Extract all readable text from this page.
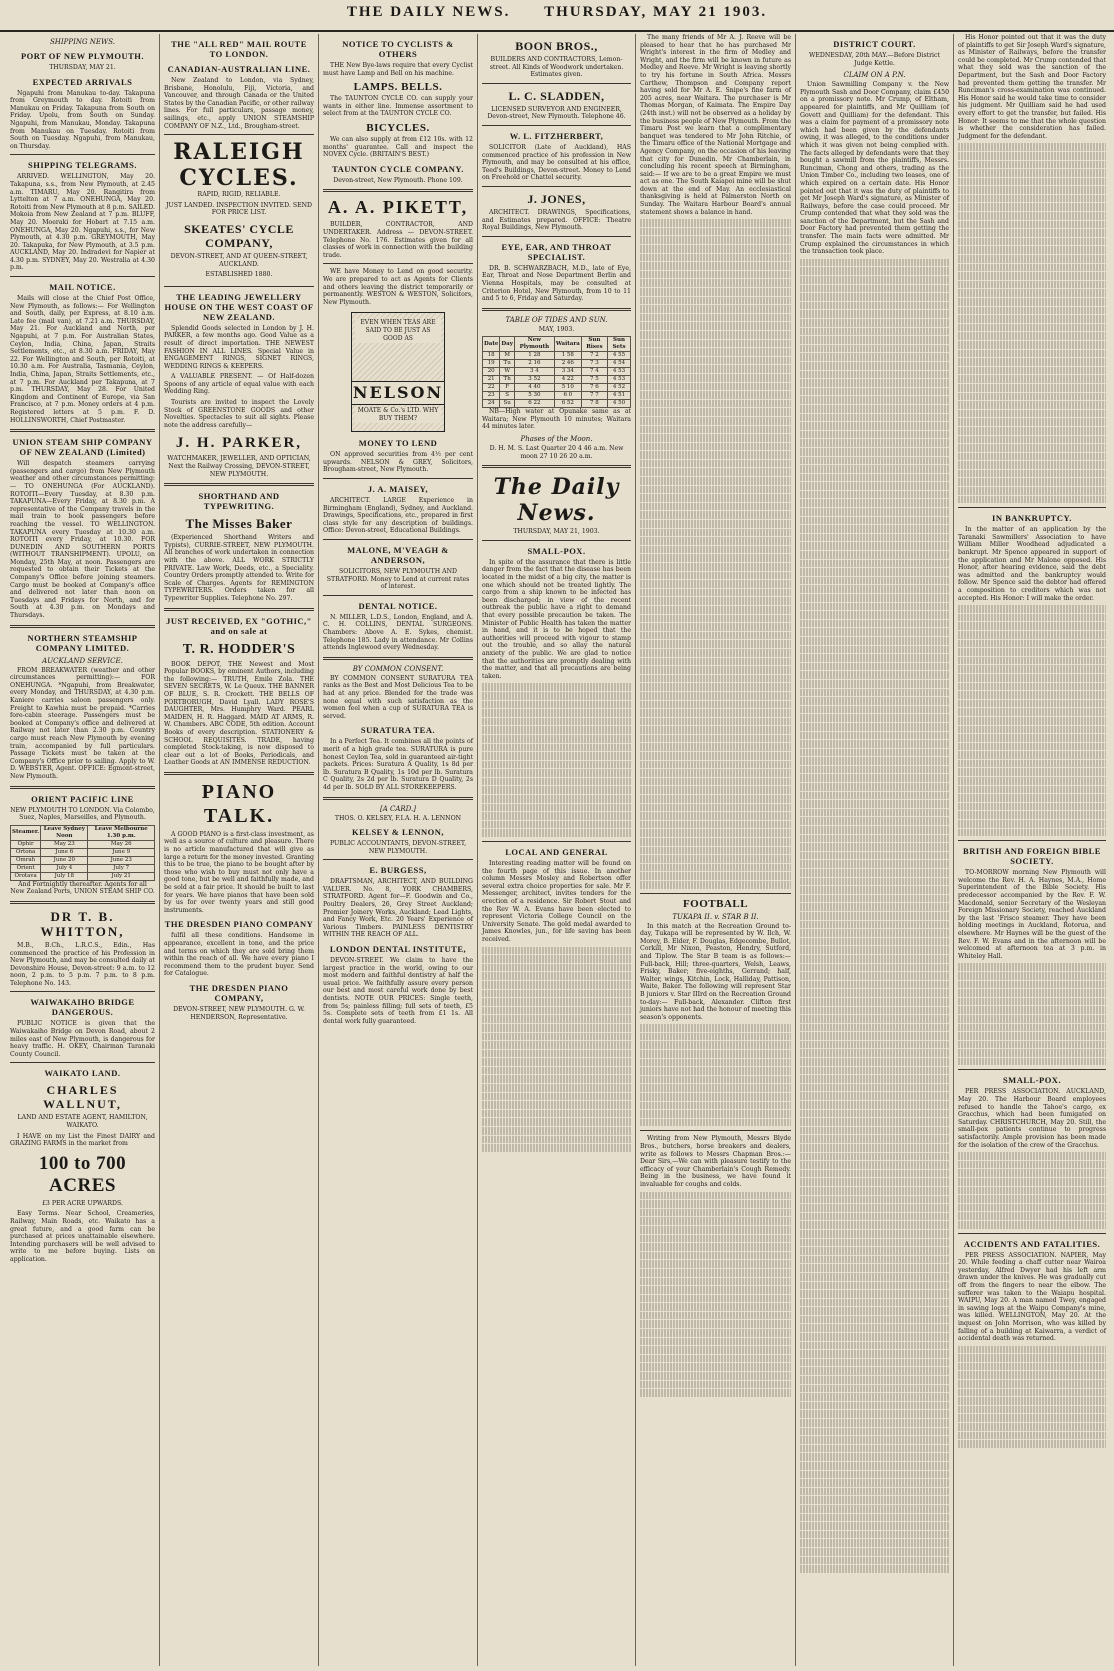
THE DAILY NEWS. THURSDAY, MAY 21 1903.
SHIPPING NEWS.
PORT OF NEW PLYMOUTH.

THURSDAY, MAY 21.

EXPECTED ARRIVALS

Ngapuhi from Manukau to-day. Takapuna from Greymouth to day. Rotoiti from Manukau on Friday. Takapuna from South on Friday. Upolu, from South on Sunday. Ngapuhi, from Manukau, Monday. Takapuna from Manukau on Tuesday. Rotoiti from South on Tuesday. Ngapuhi, from Manukau, on Thursday.

SHIPPING TELEGRAMS.

ARRIVED. WELLINGTON, May 20. Takapuna, s.s., from New Plymouth, at 2.45 a.m. TIMARU, May 20. Rangitira from Lyttelton at 7 a.m. ONEHUNGA, May 20. Rotoiti from New Plymouth at 8 p.m. SAILED. Mokoia from New Zealand at 7 p.m. BLUFF, May 20. Moeraki for Hobart at 7.15 a.m. ONEHUNGA, May 20. Ngapuhi, s.s., for New Plymouth, at 4.30 p.m. GREYMOUTH, May 20. Takapuka, for New Plymouth, at 3.5 p.m. AUCKLAND, May 20. Indradevi for Napier at 4.30 p.m. SYDNEY, May 20. Westralia at 4.30 p.m.

MAIL NOTICE.

Mails will close at the Chief Post Office, New Plymouth, as follows:— For Wellington and South, daily, per Express, at 8.10 a.m. Late fee (mail van), at 7.21 a.m. THURSDAY, May 21. For Auckland and North, per Ngapuhi, at 7 p.m. For Australian States, Ceylon, India, China, Japan, Straits Settlements, etc., at 8.30 a.m. FRIDAY, May 22. For Wellington and South, per Rotoiti, at 10.30 a.m. For Australia, Tasmania, Ceylon, India, China, Japan, Straits Settlements, etc., at 7 p.m. For Auckland per Takapuna, at 7 p.m. THURSDAY, May 28. For United Kingdom and Continent of Europe, via San Francisco, at 7 p.m. Money orders at 4 p.m. Registered letters at 5 p.m. F. D. HOLLINSWORTH, Chief Postmaster.

UNION STEAM SHIP COMPANY OF NEW ZEALAND (Limited)

Will despatch steamers carrying (passengers and cargo) from New Plymouth weather and other circumstances permitting:— TO ONEHUNGA (For AUCKLAND). ROTOITI—Every Tuesday, at 8.30 p.m. TAKAPUNA—Every Friday, at 8.30 p.m. A representative of the Company travels in the mail train to book passengers before reaching the vessel. TO WELLINGTON. TAKAPUNA every Tuesday at 10.30 a.m. ROTOITI every Friday, at 10.30. FOR DUNEDIN AND SOUTHERN PORTS (WITHOUT TRANSHIPMENT). UPOLU, on Monday, 25th May, at noon. Passengers are requested to obtain their Tickets at the Company's Office before joining steamers. Cargo must be booked at Company's office and delivered not later than noon on Tuesdays and Fridays for North, and for South at 4.30 p.m. on Mondays and Thursdays.

NORTHERN STEAMSHIP COMPANY LIMITED.
AUCKLAND SERVICE.

FROM BREAKWATER (weather and other circumstances permitting):— FOR ONEHUNGA. *Ngapuhi, from Breakwater, every Monday, and THURSDAY, at 4.30 p.m. Kaniere carries saloon passengers only. Freight to Kawhia must be prepaid. *Carries fore-cabin steerage. Passengers must be booked at Company's office and delivered at Railway not later than 2.30 p.m. Country cargo must reach New Plymouth by evening train, accompanied by full particulars. Passage Tickets must be taken at the Company's Office prior to sailing. Apply to W. D. WEBSTER, Agent. OFFICE: Egmont-street, New Plymouth.

ORIENT PACIFIC LINE

NEW PLYMOUTH TO LONDON. Via Colombo, Suez, Naples, Marseilles, and Plymouth.

Steamer.	Leave Sydney Noon	Leave Melbourne 1.30 p.m.
Ophir	May 23	May 26
Ortona	June 6	June 9
Omrah	June 20	June 23
Orient	July 4	July 7
Orotava	July 18	July 21

And Fortnightly thereafter. Agents for all New Zealand Ports, UNION STEAM SHIP CO.

DR T. B. WHITTON,

M.B., B.Ch., L.R.C.S., Edin., Has commenced the practice of his Profession in New Plymouth, and may be consulted daily at Devonshire House, Devon-street: 9 a.m. to 12 noon, 2 p.m. to 5 p.m. 7 p.m. to 8 p.m. Telephone No. 143.

WAIWAKAIHO BRIDGE DANGEROUS.

PUBLIC NOTICE is given that the Waiwakaiho Bridge on Devon Road, about 2 miles east of New Plymouth, is dangerous for heavy traffic. H. OKEY, Chairman Taranaki County Council.

WAIKATO LAND.
CHARLES WALLNUT,

LAND AND ESTATE AGENT, HAMILTON, WAIKATO.

I HAVE on my List the Finest DAIRY and GRAZING FARMS in the market from

100 to 700 ACRES

£3 PER ACRE UPWARDS.

Easy Terms. Near School, Creameries, Railway, Main Roads, etc. Waikato has a great future, and a good farm can be purchased at prices unattainable elsewhere. Intending purchasers will be well advised to write to me before buying. Lists on application.

THE "ALL RED" MAIL ROUTE TO LONDON.
CANADIAN-AUSTRALIAN LINE.

New Zealand to London, via Sydney, Brisbane, Honolulu, Fiji, Victoria, and Vancouver, and through Canada or the United States by the Canadian Pacific, or other railway lines. For full particulars, passage money, sailings, etc., apply UNION STEAMSHIP COMPANY OF N.Z., Ltd., Brougham-street.

RALEIGH CYCLES.

RAPID, RIGID, RELIABLE.

JUST LANDED. INSPECTION INVITED. SEND FOR PRICE LIST.

SKEATES' CYCLE COMPANY,

DEVON-STREET, AND AT QUEEN-STREET, AUCKLAND.

ESTABLISHED 1880.

THE LEADING JEWELLERY HOUSE ON THE WEST COAST OF NEW ZEALAND.

Splendid Goods selected in London by J. H. PARKER, a few months ago. Good Value as a result of direct importation. THE NEWEST FASHION IN ALL LINES. Special Value in ENGAGEMENT RINGS, SIGNET RINGS, WEDDING RINGS & KEEPERS.

A VALUABLE PRESENT. — Of Half-dozen Spoons of any article of equal value with each Wedding Ring.

Tourists are invited to inspect the Lovely Stock of GREENSTONE GOODS and other Novelties. Spectacles to suit all sights. Please note the address carefully—

J. H. PARKER,

WATCHMAKER, JEWELLER, AND OPTICIAN, Next the Railway Crossing, DEVON-STREET, NEW PLYMOUTH.

SHORTHAND AND TYPEWRITING.
The Misses Baker

(Experienced Shorthand Writers and Typists), CURRIE-STREET, NEW PLYMOUTH. All branches of work undertaken in connection with the above. ALL WORK STRICTLY PRIVATE. Law Work, Deeds, etc., a Speciality. Country Orders promptly attended to. Write for Scale of Charges. Agents for REMINGTON TYPEWRITERS. Orders taken for all Typewriter Supplies. Telephone No. 297.

JUST RECEIVED, EX "GOTHIC," and on sale at
T. R. HODDER'S

BOOK DEPOT, THE Newest and Most Popular BOOKS, by eminent Authors, including the following:— TRUTH, Emile Zola. THE SEVEN SECRETS, W. Le Queux. THE BANNER OF BLUE, S. R. Crockett. THE BELLS OF PORTBORUGH, David Lyall. LADY ROSE'S DAUGHTER, Mrs. Humphry Ward. PEARL MAIDEN, H. R. Haggard. MAID AT ARMS, R. W. Chambers. ABC CODE, 5th edition. Account Books of every description. STATIONERY & SCHOOL REQUISITES. TRADE, having completed Stock-taking, is now disposed to clear out a lot of Books, Periodicals, and Leather Goods at AN IMMENSE REDUCTION.

PIANO TALK.

A GOOD PIANO is a first-class investment, as well as a source of culture and pleasure. There is no article manufactured that will give as large a return for the money invested. Granting this to be true, the piano to be bought after by those who wish to buy must not only have a good tone, but be well and faithfully made, and be sold at a fair price. It should be built to last for years. We have pianos that have been sold by us for over twenty years and still good instruments.

THE DRESDEN PIANO COMPANY

fulfil all these conditions. Handsome in appearance, excellent in tone, and the price and terms on which they are sold bring them within the reach of all. We have every piano I recommend them to the prudent buyer. Send for Catalogue.

THE DRESDEN PIANO COMPANY,

DEVON-STREET, NEW PLYMOUTH. G. W. HENDERSON, Representative.

NOTICE TO CYCLISTS & OTHERS

THE New Bye-laws require that every Cyclist must have Lamp and Bell on his machine.

LAMPS. BELLS.

The TAUNTON CYCLE CO. can supply your wants in either line. Immense assortment to select from at the TAUNTON CYCLE CO.

BICYCLES.

We can also supply at from £12 10s. with 12 months' guarantee. Call and inspect the NOVEX Cycle. (BRITAIN'S BEST.)

TAUNTON CYCLE COMPANY.

Devon-street, New Plymouth. Phone 109.

A. A. PIKETT,

BUILDER, CONTRACTOR, AND UNDERTAKER. Address — DEVON-STREET. Telephone No. 176. Estimates given for all classes of work in connection with the building trade.

WE have Money to Lend on good security. We are prepared to act as Agents for Clients and others leaving the district temporarily or permanently. WESTON & WESTON, Solicitors, New Plymouth.

EVEN WHEN TEAS ARE SAID TO BE JUST AS GOOD AS
NELSON
MOATE & Co.'s LTD. WHY BUY THEM?
MONEY TO LEND

ON approved securities from 4½ per cent upwards. NELSON & GREY, Solicitors, Brougham-street, New Plymouth.

J. A. MAISEY,

ARCHITECT. LARGE Experience in Birmingham (England), Sydney, and Auckland. Drawings, Specifications, etc., prepared in first class style for any description of buildings. Office: Devon-street, Educational Buildings.

MALONE, M'VEAGH & ANDERSON,

SOLICITORS, NEW PLYMOUTH AND STRATFORD. Money to Lend at current rates of interest.

DENTAL NOTICE.

N. MILLER, L.D.S., London, England, and A. C. H. COLLINS, DENTAL SURGEONS. Chambers: Above A. E. Sykes, chemist. Telephone 185. Lady in attendance. Mr Collins attends Inglewood every Wednesday.

BY COMMON CONSENT.

BY COMMON CONSENT SURATURA TEA ranks as the Best and Most Delicious Tea to be had at any price. Blended for the trade was none equal with such satisfaction as the women feel when a cup of SURATURA TEA is served.

SURATURA TEA.

In a Perfect Tea. It combines all the points of merit of a high grade tea. SURATURA is pure honest Ceylon Tea, sold in guaranteed air-tight packets. Prices: Suratura A Quality, 1s 8d per lb. Suratura B Quality, 1s 10d per lb. Suratura C Quality, 2s 2d per lb. Suratura D Quality, 2s 4d per lb. SOLD BY ALL STOREKEEPERS.

[A CARD.]

THOS. O. KELSEY, F.I.A. H. A. LENNON

KELSEY & LENNON,

PUBLIC ACCOUNTANTS, DEVON-STREET, NEW PLYMOUTH.

E. BURGESS,

DRAFTSMAN, ARCHITECT, AND BUILDING VALUER. No. 8, YORK CHAMBERS, STRATFORD. Agent for—F. Goodwin and Co., Poultry Dealers, 26, Grey Street Auckland; Premier Joinery Works, Auckland; Lead Lights, and Fancy Work, Etc. 20 Years' Experience of Various Timbers. PAINLESS DENTISTRY WITHIN THE REACH OF ALL.

LONDON DENTAL INSTITUTE,

DEVON-STREET. We claim to have the largest practice in the world, owing to our most modern and faithful dentistry at half the usual price. We faithfully assure every person our best and most careful work done by best dentists. NOTE OUR PRICES: Single teeth, from 5s; painless filling; full sets of teeth, £5 5s. Complete sets of teeth from £1 1s. All dental work fully guaranteed.

BOON BROS.,

BUILDERS AND CONTRACTORS, Lemon-street. All Kinds of Woodwork undertaken. Estimates given.

L. C. SLADDEN,

LICENSED SURVEYOR AND ENGINEER, Devon-street, New Plymouth. Telephone 46.

W. L. FITZHERBERT,

SOLICITOR (Late of Auckland), HAS commenced practice of his profession in New Plymouth, and may be consulted at his office, Teed's Buildings, Devon-street. Money to Lend on Freehold or Chattel security.

J. JONES,

ARCHITECT. DRAWINGS, Specifications, and Estimates prepared. OFFICE: Theatre Royal Buildings, New Plymouth.

EYE, EAR, AND THROAT SPECIALIST.

DR. B. SCHWARZBACH, M.D., late of Eye, Ear, Throat and Nose Department Berlin and Vienna Hospitals, may be consulted at Criterion Hotel, New Plymouth, from 10 to 11 and 5 to 6, Friday and Saturday.

TABLE OF TIDES AND SUN.

MAY, 1903.

Date	Day	New Plymouth	Waitara	Sun Rises	Sun Sets
18	M	1 28	1 58	7 2	4 55
19	Tu	2 16	2 46	7 3	4 54
20	W	3 4	3 34	7 4	4 53
21	Th	3 52	4 22	7 5	4 53
22	F	4 40	5 10	7 6	4 52
23	S	5 30	6 0	7 7	4 51
24	Su	6 22	6 52	7 8	4 50

NB—High water at Opunake same as at Waitara; New Plymouth 10 minutes; Waitara 44 minutes later.

Phases of the Moon.

D. H. M. S. Last Quarter 20 4 46 a.m. New moon 27 10 26 20 a.m.

The Daily News.

THURSDAY, MAY 21, 1903.

SMALL-POX.

In spite of the assurance that there is little danger from the fact that the disease has been located in the midst of a big city, the matter is one which should not be treated lightly. The cargo from a ship known to be infected has been discharged; in view of the recent outbreak the public have a right to demand that every possible precaution be taken. The Minister of Public Health has taken the matter in hand, and it is to be hoped that the authorities will proceed with vigour to stamp out the trouble, and so allay the natural anxiety of the public. We are glad to notice that the authorities are promptly dealing with the matter, and that all precautions are being taken.

LOCAL AND GENERAL

Interesting reading matter will be found on the fourth page of this issue. In another column Messrs Mosley and Robertson offer several extra choice properties for sale. Mr F. Messenger, architect, invites tenders for the erection of a residence. Sir Robert Stout and the Rev W. A. Evans have been elected to represent Victoria College Council on the University Senate. The gold medal awarded to James Knowles, jun., for life saving has been received.

The many friends of Mr A. J. Reeve will be pleased to hear that he has purchased Mr Wright's interest in the firm of Medley and Wright, and the firm will be known in future as Medley and Reeve. Mr Wright is leaving shortly to try his fortune in South Africa. Messrs Carthew, Thompson and Company report having sold for Mr A. E. Snipe's fine farm of 205 acres, near Waitara. The purchaser is Mr Thomas Morgan, of Kaimata. The Empire Day (24th inst.) will not be observed as a holiday by the business people of New Plymouth. From the Timaru Post we learn that a complimentary banquet was tendered to Mr John Ritchie, of the Timaru office of the National Mortgage and Agency Company, on the occasion of his leaving that city for Dunedin. Mr Chamberlain, in concluding his recent speech at Birmingham, said:— If we are to be a great Empire we must act as one. The South Kaiapoi mine will be shut down at the end of May. An ecclesiastical thanksgiving is held at Palmerston North on Sunday. The Waitara Harbour Board's annual statement shows a balance in hand.

FOOTBALL
TUKAPA II. v. STAR B II.

In this match at the Recreation Ground to-day, Tukapa will be represented by W. Ilch, W. Morey, B. Elder, F. Douglas, Edgecombe, Bullot, Corkill, Mr Nixon, Peaston, Hendry, Sutford, and Tiplow. The Star B team is as follows:— Full-back, Hill; three-quarters, Welsh, Leaws, Frisky, Baker; five-eighths, Gerrand; half, Walter, wings, Kitchin, Lock, Halliday, Pattison, Waite, Baker. The following will represent Star B juniors v. Star IIIrd on the Recreation Ground to-day:— Full-back, Alexander. Clifton first juniors have not had the honour of meeting this season's opponents.

Writing from New Plymouth, Messrs Blyde Bros., butchers, horse breakers and dealers, write as follows to Messrs Chapman Bros.:— Dear Sirs,—We can with pleasure testify to the efficacy of your Chamberlain's Cough Remedy. Being in the business, we have found it invaluable for coughs and colds.

DISTRICT COURT.

WEDNESDAY, 20th MAY.—Before District Judge Kettle.

CLAIM ON A P.N.

Union Sawmilling Company v. the New Plymouth Sash and Door Company, claim £450 on a promissory note. Mr Crump, of Eltham, appeared for plaintiffs, and Mr Quilliam (of Govett and Quilliam) for the defendant. This was a claim for payment of a promissory note which had been given by the defendants owing, it was alleged, to the conditions under which it was given not being complied with. The facts alleged by defendants were that they bought a sawmill from the plaintiffs, Messrs. Runciman, Chong and others, trading as the Union Timber Co., including two leases, one of which expired on a certain date. His Honor pointed out that it was the duty of plaintiffs to get Mr Joseph Ward's signature, as Minister of Railways, before the case could proceed. Mr Crump contended that what they sold was the sanction of the Department, but the Sash and Door Factory had prevented them getting the transfer. The main facts were admitted. Mr Crump explained the circumstances in which the transaction took place.

His Honor pointed out that it was the duty of plaintiffs to get Sir Joseph Ward's signature, as Minister of Railways, before the transfer could be completed. Mr Crump contended that what they sold was the sanction of the Department, but the Sash and Door Factory had prevented them getting the transfer. Mr Runciman's cross-examination was continued. His Honor said he would take time to consider his judgment. Mr Quilliam said he had used every effort to get the transfer, but failed. His Honor: It seems to me that the whole question is whether the consideration has failed. Judgment for the defendant.

IN BANKRUPTCY.

In the matter of an application by the Taranaki Sawmillers' Association to have William Miller Woodhead adjudicated a bankrupt. Mr Spence appeared in support of the application and Mr Malone opposed. His Honor, after hearing evidence, said the debt was admitted and the bankruptcy would follow. Mr Spence said the debtor had offered a composition to creditors which was not accepted. His Honor: I will make the order.

BRITISH AND FOREIGN BIBLE SOCIETY.

TO-MORROW morning New Plymouth will welcome the Rev. H. A. Haynes, M.A., Home Superintendent of the Bible Society. His predecessor accompanied by the Rev. F. W. Macdonald, senior Secretary of the Wesleyan Foreign Missionary Society, reached Auckland by the last 'Frisco steamer. They have been holding meetings in Auckland, Rotorua, and elsewhere. Mr Haynes will be the guest of the Rev. F. W. Evans and in the afternoon will be welcomed at afternoon tea at 3 p.m. in Whiteley Hall.

SMALL-POX.

PER PRESS ASSOCIATION. AUCKLAND, May 20. The Harbour Board employees refused to handle the Tahoe's cargo, ex Gracchus, which had been fumigated on Saturday. CHRISTCHURCH, May 20. Still, the small-pox patients continue to progress satisfactorily. Ample provision has been made for the isolation of the crew of the Gracchus.

ACCIDENTS AND FATALITIES.

PER PRESS ASSOCIATION. NAPIER, May 20. While feeding a chaff cutter near Wairoa yesterday, Alfred Dwyer had his left arm drawn under the knives. He was gradually cut off from the fingers to near the elbow. The sufferer was taken to the Waiapu hospital. WAIPU, May 20. A man named Twey, engaged in sawing logs at the Waipu Company's mine, was killed. WELLINGTON, May 20. At the inquest on John Morrison, who was killed by falling of a building at Kaiwarra, a verdict of accidental death was returned.
